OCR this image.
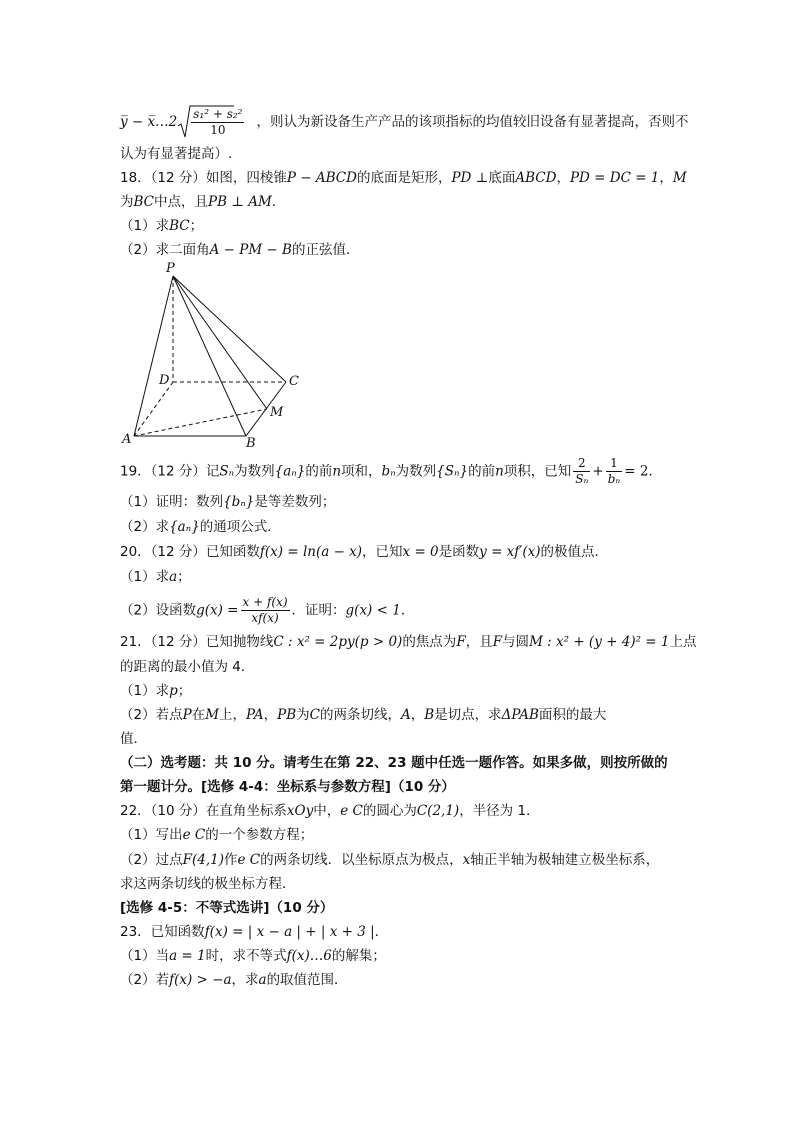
y̅ − x̅…2 $\frac{\text{s₁² + s₂²}}{10}$ ，则认为新设备生产产品的该项指标的均值较旧设备有显著提高，否则不
认为有显著提高）.
18．（12 分）如图，四棱锥P − ABCD的底面是矩形，PD ⊥底面ABCD，PD = DC = 1，M
为BC中点，且PB ⊥ AM．
（1）求BC；
（2）求二面角A − PM − B的正弦值．
P
D	C
M
A	B
19．（12 分）记Sₙ为数列{aₙ}的前n项和，bₙ为数列{Sₙ}的前n项积，已知 $\frac{2}{\text{Sₙ}} + \frac{1}{\text{bₙ}} = 2$．
（1）证明：数列{bₙ}是等差数列；
（2）求{aₙ}的通项公式．
20．（12 分）已知函数f(x) = ln(a − x)，已知x = 0是函数y = xf′(x)的极值点．
（1）求a；
（2）设函数$g(x) = \frac{x + f(x)}{xf(x)}$ ．证明：g(x) < 1．
21．（12 分）已知抛物线C : x² = 2py(p > 0)的焦点为F，且F与圆M : x² + (y + 4)² = 1上点
的距离的最小值为 4．
（1）求p；
（2）若点P在M上，PA，PB为C的两条切线，A，B是切点，求ΔPAB面积的最大
值．
（二）选考题：共 10 分。请考生在第 22、23 题中任选一题作答。如果多做，则按所做的
第一题计分。[选修 4-4：坐标系与参数方程]（10 分）
22．（10 分）在直角坐标系xOy中，e C的圆心为C(2,1)，半径为 1．
（1）写出e C的一个参数方程；
（2）过点F(4,1)作e C的两条切线．以坐标原点为极点，x轴正半轴为极轴建立极坐标系，
求这两条切线的极坐标方程．
[选修 4-5：不等式选讲]（10 分）
23．已知函数f(x) = | x − a | + | x + 3 |．
（1）当a = 1时，求不等式f(x)…6的解集；
（2）若f(x) > −a，求a的取值范围．
